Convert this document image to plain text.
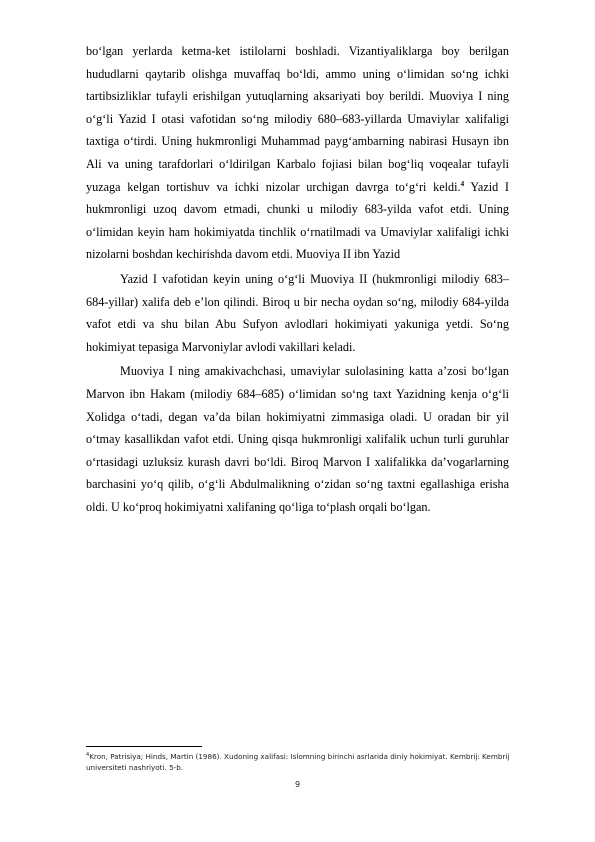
bo‘lgan yerlarda ketma-ket istilolarni boshladi. Vizantiyaliklarga boy berilgan hududlarni qaytarib olishga muvaffaq bo‘ldi, ammo uning o‘limidan so‘ng ichki tartibsizliklar tufayli erishilgan yutuqlarning aksariyati boy berildi. Muoviya I ning o‘g‘li Yazid I otasi vafotidan so‘ng milodiy 680–683-yillarda Umaviylar xalifaligi taxtiga o‘tirdi. Uning hukmronligi Muhammad payg‘ambarning nabirasi Husayn ibn Ali va uning tarafdorlari o‘ldirilgan Karbalo fojiasi bilan bog‘liq voqealar tufayli yuzaga kelgan tortishuv va ichki nizolar urchigan davrga to‘g‘ri keldi.$^4$ Yazid I hukmronligi uzoq davom etmadi, chunki u milodiy 683-yilda vafot etdi. Uning o‘limidan keyin ham hokimiyatda tinchlik o‘rnatilmadi va Umaviylar xalifaligi ichki nizolarni boshdan kechirishda davom etdi. Muoviya II ibn Yazid

Yazid I vafotidan keyin uning o‘g‘li Muoviya II (hukmronligi milodiy 683–684-yillar) xalifa deb e’lon qilindi. Biroq u bir necha oydan so‘ng, milodiy 684-yilda vafot etdi va shu bilan Abu Sufyon avlodlari hokimiyati yakuniga yetdi. So‘ng hokimiyat tepasiga Marvoniylar avlodi vakillari keladi.

Muoviya I ning amakivachchasi, umaviylar sulolasining katta a’zosi bo‘lgan Marvon ibn Hakam (milodiy 684–685) o‘limidan so‘ng taxt Yazidning kenja o‘g‘li Xolidga o‘tadi, degan va’da bilan hokimiyatni zimmasiga oladi. U oradan bir yil o‘tmay kasallikdan vafot etdi. Uning qisqa hukmronligi xalifalik uchun turli guruhlar o‘rtasidagi uzluksiz kurash davri bo‘ldi. Biroq Marvon I xalifalikka da’vogarlarning barchasini yo‘q qilib, o‘g‘li Abdulmalikning o‘zidan so‘ng taxtni egallashiga erisha oldi. U ko‘proq hokimiyatni xalifaning qo‘liga to‘plash orqali bo‘lgan.

$^4$Kron, Patrisiya; Hinds, Martin (1986). Xudoning xalifasi: Islomning birinchi asrlarida diniy hokimiyat. Kembrij: Kembrij universiteti nashriyoti. 5-b.
9
